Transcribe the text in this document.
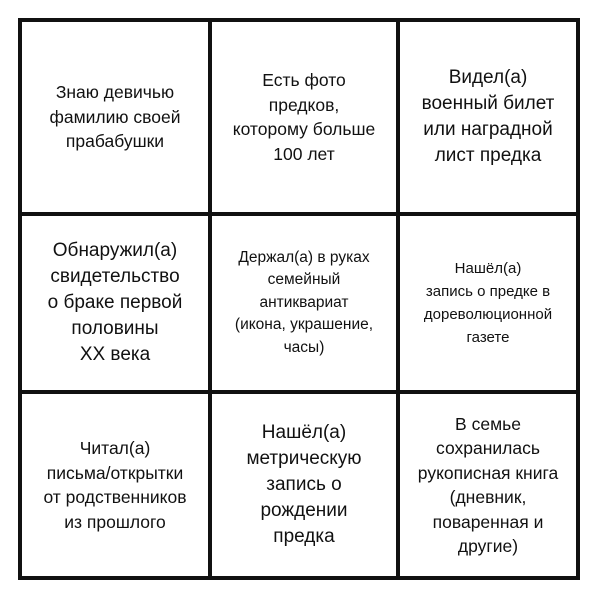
Знаю девичью
фамилию своей
прабабушки
Есть фото
предков,
которому больше
100 лет
Видел(а)
военный билет
или наградной
лист предка
Обнаружил(а)
свидетельство
о браке первой
половины
XX века
Держал(а) в руках
семейный
антиквариат
(икона, украшение,
часы)
Нашёл(а)
запись о предке в
дореволюционной
газете
Читал(а)
письма/открытки
от родственников
из прошлого
Нашёл(а)
метрическую
запись о
рождении
предка
В семье
сохранилась
рукописная книга
(дневник,
поваренная и
другие)
